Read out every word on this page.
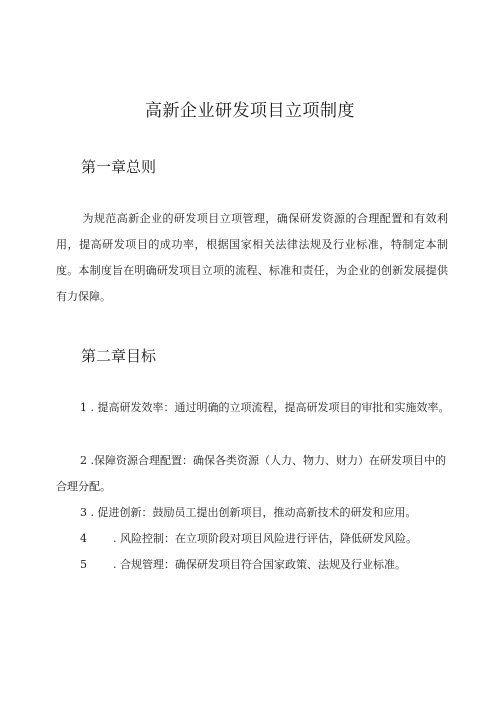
高新企业研发项目立项制度
第一章总则

为规范高新企业的研发项目立项管理，确保研发资源的合理配置和有效利用，提高研发项目的成功率，根据国家相关法律法规及行业标准，特制定本制度。本制度旨在明确研发项目立项的流程、标准和责任，为企业的创新发展提供有力保障。

第二章目标

1 . 提高研发效率：通过明确的立项流程，提高研发项目的审批和实施效率。

2 .保障资源合理配置：确保各类资源（人力、物力、财力）在研发项目中的合理分配。

3 . 促进创新：鼓励员工提出创新项目，推动高新技术的研发和应用。

4 . 风险控制：在立项阶段对项目风险进行评估，降低研发风险。

5 . 合规管理：确保研发项目符合国家政策、法规及行业标准。
